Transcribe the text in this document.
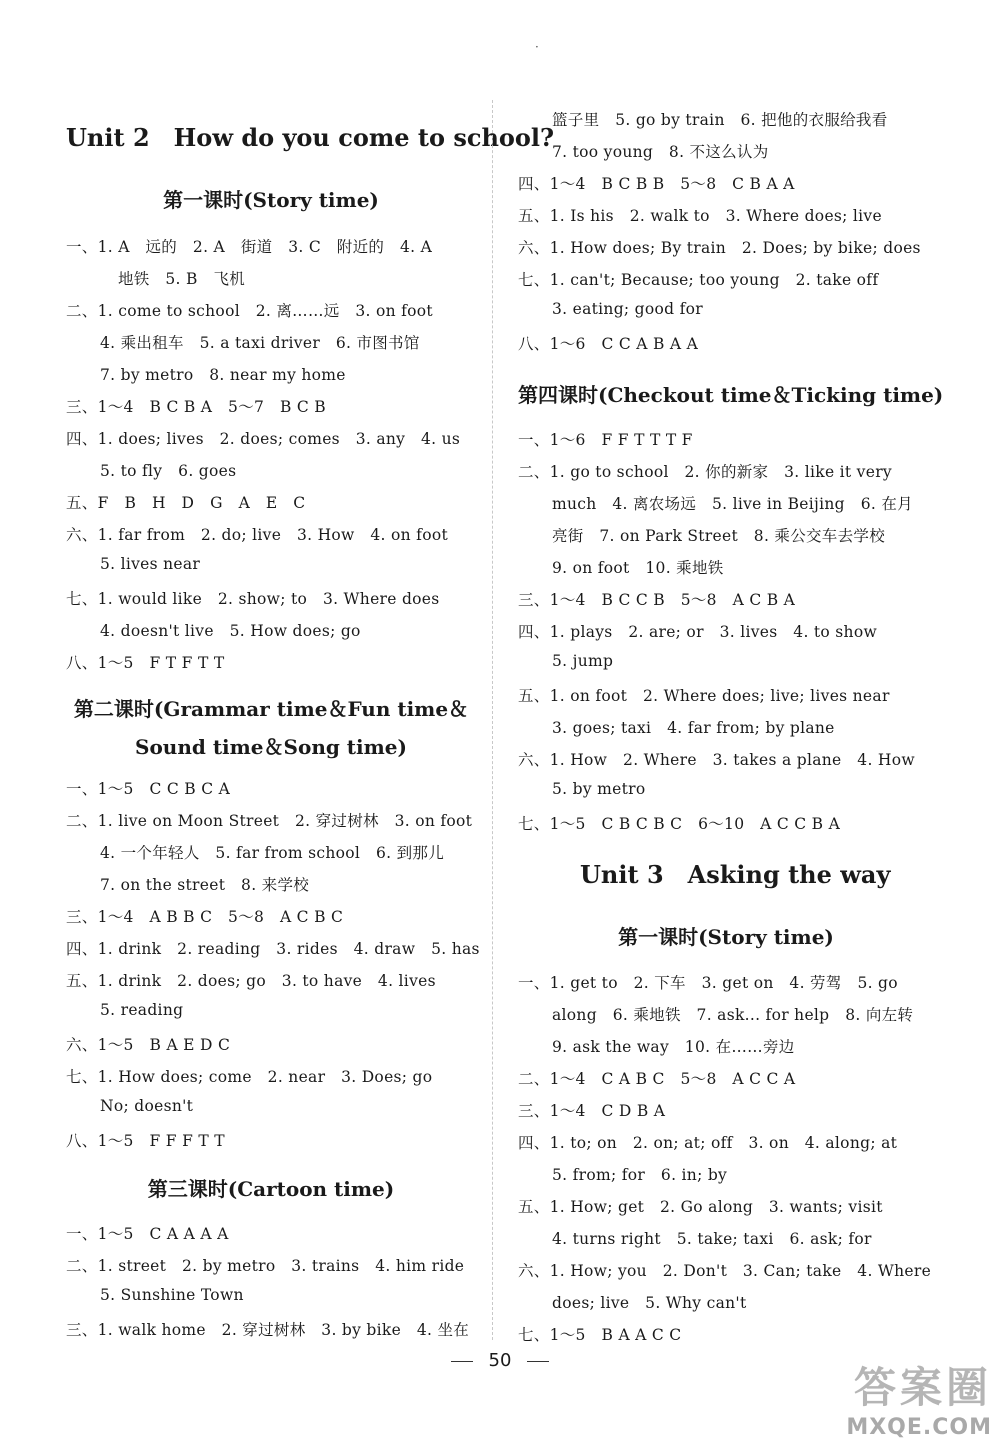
·
Unit 2　How do you come to school?
第一课时(Story time)
一、1. A　远的　2. A　街道　3. C　附近的　4. A
地铁　5. B　飞机
二、1. come to school　2. 离……远　3. on foot
4. 乘出租车　5. a taxi driver　6. 市图书馆
7. by metro　8. near my home
三、1～4　B C B A　5～7　B C B
四、1. does; lives　2. does; comes　3. any　4. us
5. to fly　6. goes
五、F　B　H　D　G　A　E　C
六、1. far from　2. do; live　3. How　4. on foot
5. lives near
七、1. would like　2. show; to　3. Where does
4. doesn't live　5. How does; go
八、1～5　F T F T T
第二课时(Grammar time＆Fun time＆
Sound time＆Song time)
一、1～5　C C B C A
二、1. live on Moon Street　2. 穿过树林　3. on foot
4. 一个年轻人　5. far from school　6. 到那儿
7. on the street　8. 来学校
三、1～4　A B B C　5～8　A C B C
四、1. drink　2. reading　3. rides　4. draw　5. has
五、1. drink　2. does; go　3. to have　4. lives
5. reading
六、1～5　B A E D C
七、1. How does; come　2. near　3. Does; go
No; doesn't
八、1～5　F F F T T
第三课时(Cartoon time)
一、1～5　C A A A A
二、1. street　2. by metro　3. trains　4. him ride
5. Sunshine Town
三、1. walk home　2. 穿过树林　3. by bike　4. 坐在
篮子里　5. go by train　6. 把他的衣服给我看
7. too young　8. 不这么认为
四、1～4　B C B B　5～8　C B A A
五、1. Is his　2. walk to　3. Where does; live
六、1. How does; By train　2. Does; by bike; does
七、1. can't; Because; too young　2. take off
3. eating; good for
八、1～6　C C A B A A
第四课时(Checkout time＆Ticking time)
一、1～6　F F T T T F
二、1. go to school　2. 你的新家　3. like it very
much　4. 离农场远　5. live in Beijing　6. 在月
亮街　7. on Park Street　8. 乘公交车去学校
9. on foot　10. 乘地铁
三、1～4　B C C B　5～8　A C B A
四、1. plays　2. are; or　3. lives　4. to show
5. jump
五、1. on foot　2. Where does; live; lives near
3. goes; taxi　4. far from; by plane
六、1. How　2. Where　3. takes a plane　4. How
5. by metro
七、1～5　C B C B C　6～10　A C C B A
Unit 3　Asking the way
第一课时(Story time)
一、1. get to　2. 下车　3. get on　4. 劳驾　5. go
along　6. 乘地铁　7. ask... for help　8. 向左转
9. ask the way　10. 在……旁边
二、1～4　C A B C　5～8　A C C A
三、1～4　C D B A
四、1. to; on　2. on; at; off　3. on　4. along; at
5. from; for　6. in; by
五、1. How; get　2. Go along　3. wants; visit
4. turns right　5. take; taxi　6. ask; for
六、1. How; you　2. Don't　3. Can; take　4. Where
does; live　5. Why can't
七、1～5　B A A C C
50
答案圈
MXQE.COM
